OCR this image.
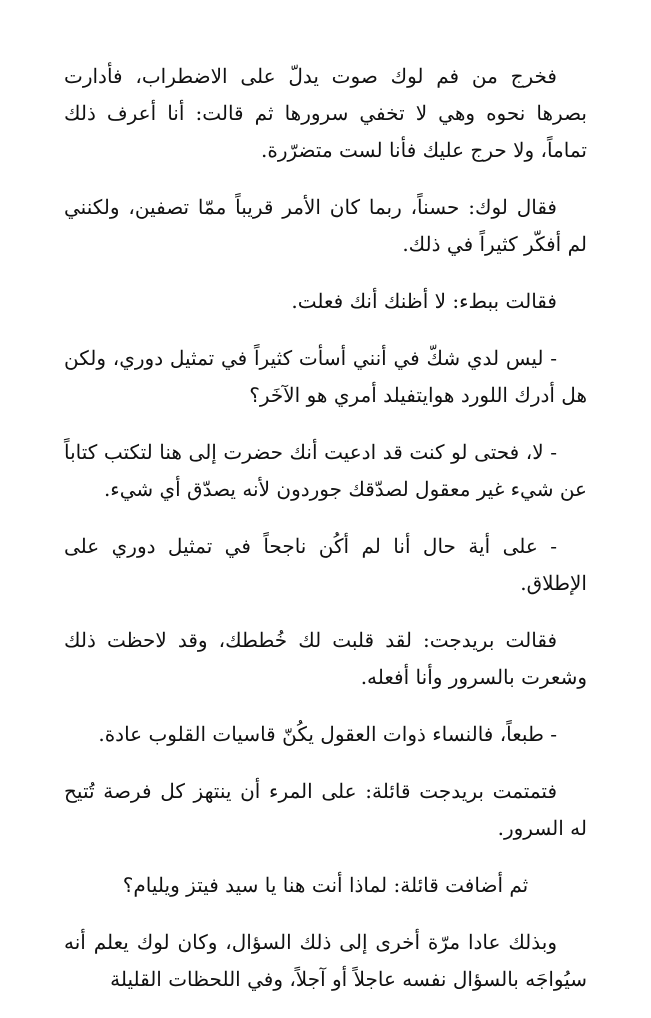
فخرج من فم لوك صوت يدلّ على الاضطراب، فأدارت بصرها نحوه وهي لا تخفي سرورها ثم قالت: أنا أعرف ذلك تماماً، ولا حرج عليك فأنا لست متضرّرة.

فقال لوك: حسناً، ربما كان الأمر قريباً ممّا تصفين، ولكنني لم أفكّر كثيراً في ذلك.

فقالت ببطء: لا أظنك أنك فعلت.

- ليس لدي شكّ في أنني أسأت كثيراً في تمثيل دوري، ولكن هل أدرك اللورد هوايتفيلد أمري هو الآخَر؟

- لا، فحتى لو كنت قد ادعيت أنك حضرت إلى هنا لتكتب كتاباً عن شيء غير معقول لصدّقك جوردون لأنه يصدّق أي شيء.

- على أية حال أنا لم أكُن ناجحاً في تمثيل دوري على الإطلاق.

فقالت بريدجت: لقد قلبت لك خُططك، وقد لاحظت ذلك وشعرت بالسرور وأنا أفعله.

- طبعاً، فالنساء ذوات العقول يكُنّ قاسيات القلوب عادة.

فتمتمت بريدجت قائلة: على المرء أن ينتهز كل فرصة تُتيح له السرور.

ثم أضافت قائلة: لماذا أنت هنا يا سيد فيتز ويليام؟

وبذلك عادا مرّة أخرى إلى ذلك السؤال، وكان لوك يعلم أنه سيُواجَه بالسؤال نفسه عاجلاً أو آجلاً، وفي اللحظات القليلة
